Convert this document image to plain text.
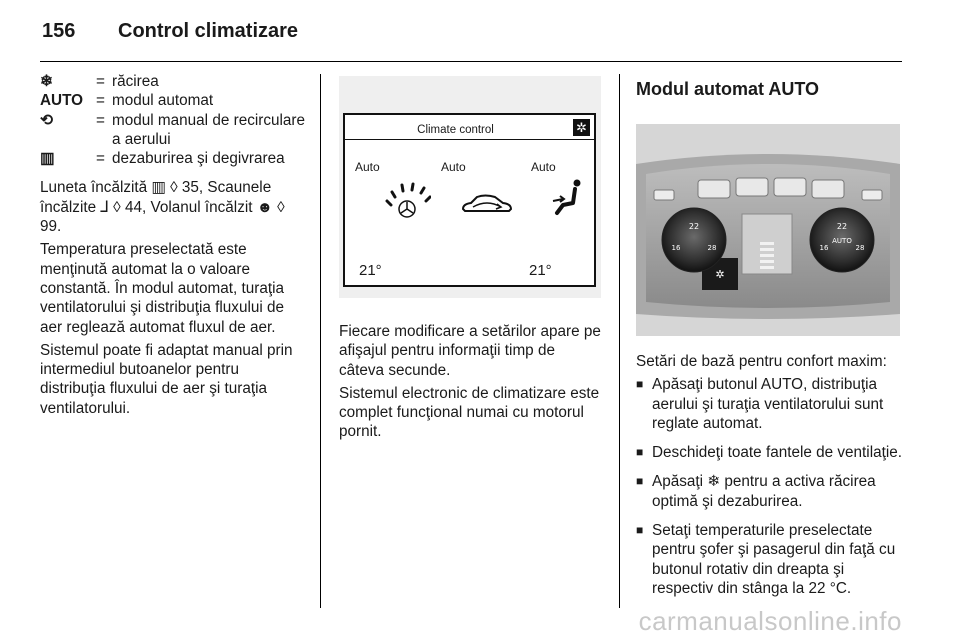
156	Control climatizare
❄	= răcirea
AUTO = modul automat
⟲	= modul manual de recirculare a aerului
▥	= dezaburirea şi degivrarea

Luneta încălzită ▥ ◊ 35, Scaunele încălzite ⅃ ◊ 44, Volanul încălzit ☻ ◊ 99.

Temperatura preselectată este menţinută automat la o valoare constantă. În modul automat, turaţia ventilatorului şi distribuţia fluxului de aer reglează automat fluxul de aer.

Sistemul poate fi adaptat manual prin intermediul butoanelor pentru distribuţia fluxului de aer şi turaţia ventilatorului.

Climate control	✲
Auto	Auto	Auto
21°	21°

Fiecare modificare a setărilor apare pe afişajul pentru informaţii timp de câteva secunde.

Sistemul electronic de climatizare este complet funcţional numai cu motorul pornit.

Modul automat AUTO
✲
22
16	28
22
AUTO
16	28

Setări de bază pentru confort maxim:

■ Apăsaţi butonul AUTO, distribuţia aerului şi turaţia ventilatorului sunt reglate automat.
■ Deschideţi toate fantele de ventilaţie.
■ Apăsaţi ❄ pentru a activa răcirea optimă şi dezaburirea.
■ Setaţi temperaturile preselectate pentru şofer şi pasagerul din faţă cu butonul rotativ din dreapta şi respectiv din stânga la 22 °C.
carmanualsonline.info
